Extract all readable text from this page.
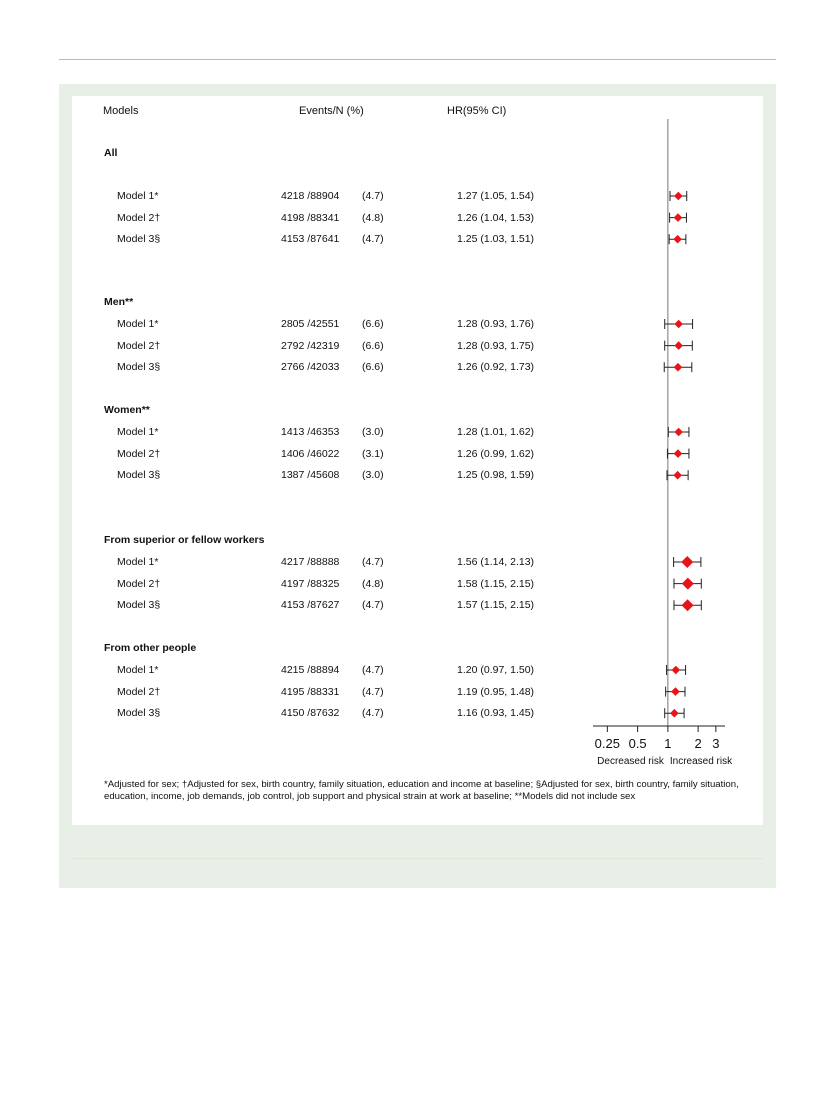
Models	Events/N (%)	HR(95% CI)
All
Model 1*	4218 /88904 (4.7)	1.27 (1.05, 1.54)
Model 2†	4198 /88341 (4.8)	1.26 (1.04, 1.53)
Model 3§	4153 /87641 (4.7)	1.25 (1.03, 1.51)
Men**
Model 1*	2805 /42551 (6.6)	1.28 (0.93, 1.76)
Model 2†	2792 /42319 (6.6)	1.28 (0.93, 1.75)
Model 3§	2766 /42033 (6.6)	1.26 (0.92, 1.73)
Women**
Model 1*	1413 /46353 (3.0)	1.28 (1.01, 1.62)
Model 2†	1406 /46022 (3.1)	1.26 (0.99, 1.62)
Model 3§	1387 /45608 (3.0)	1.25 (0.98, 1.59)
From superior or fellow workers
Model 1*	4217 /88888 (4.7)	1.56 (1.14, 2.13)
Model 2†	4197 /88325 (4.8)	1.58 (1.15, 2.15)
Model 3§	4153 /87627 (4.7)	1.57 (1.15, 2.15)
From other people
Model 1*	4215 /88894 (4.7)	1.20 (0.97, 1.50)
Model 2†	4195 /88331 (4.7)	1.19 (0.95, 1.48)
Model 3§	4150 /87632 (4.7)	1.16 (0.93, 1.45)
0.25 0.5 1 2 3
Decreased risk Increased risk
*Adjusted for sex; †Adjusted for sex, birth country, family situation, education and income at baseline; §Adjusted for sex, birth country, family situation, education, income, job demands, job control, job support and physical strain at work at baseline; **Models did not include sex
